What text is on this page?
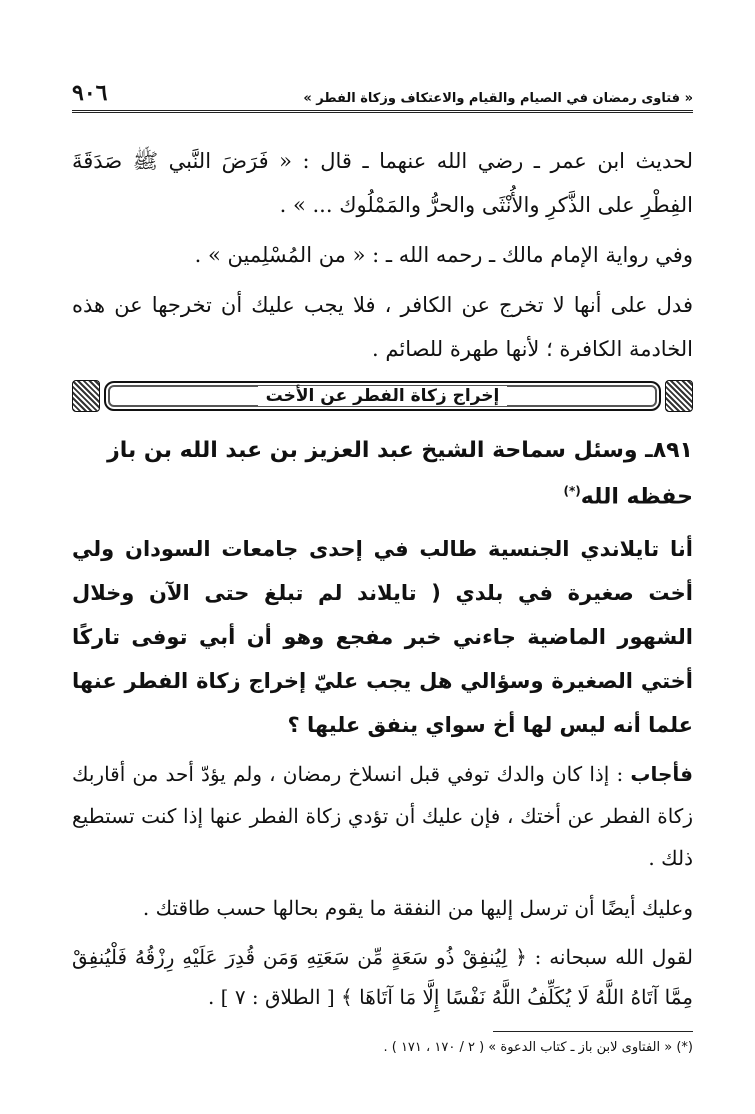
« فتاوى رمضان في الصيام والقيام والاعتكاف وزكاة الفطر »
٩٠٦

لحديث ابن عمر ـ رضي الله عنهما ـ قال : « فَرَضَ النَّبي ﷺ صَدَقَةَ الفِطْرِ على الذَّكرِ والأُنْثَى والحرُّ والمَمْلُوك ... » .

وفي رواية الإمام مالك ـ رحمه الله ـ : « من المُسْلِمين » .

فدل على أنها لا تخرج عن الكافر ، فلا يجب عليك أن تخرجها عن هذه الخادمة الكافرة ؛ لأنها طهرة للصائم .

إخراج زكاة الفطر عن الأخت
٨٩١ـ وسئل سماحة الشيخ عبد العزيز بن عبد الله بن باز حفظه الله(*)

أنا تايلاندي الجنسية طالب في إحدى جامعات السودان ولي أخت صغيرة في بلدي ( تايلاند لم تبلغ حتى الآن وخلال الشهور الماضية جاءني خبر مفجع وهو أن أبي توفى تاركًا أختي الصغيرة وسؤالي هل يجب عليّ إخراج زكاة الفطر عنها علما أنه ليس لها أخ سواي ينفق عليها ؟

فأجاب : إذا كان والدك توفي قبل انسلاخ رمضان ، ولم يؤدّ أحد من أقاربك زكاة الفطر عن أختك ، فإن عليك أن تؤدي زكاة الفطر عنها إذا كنت تستطيع ذلك .

وعليك أيضًا أن ترسل إليها من النفقة ما يقوم بحالها حسب طاقتك .

لقول الله سبحانه : ﴿ لِيُنفِقْ ذُو سَعَةٍ مِّن سَعَتِهِ وَمَن قُدِرَ عَلَيْهِ رِزْقُهُ فَلْيُنفِقْ مِمَّا آتَاهُ اللَّهُ لَا يُكَلِّفُ اللَّهُ نَفْسًا إِلَّا مَا آتَاهَا ﴾ [ الطلاق : ٧ ] .

(*) « الفتاوى لابن باز ـ كتاب الدعوة » ( ٢ / ١٧٠ ، ١٧١ ) .
